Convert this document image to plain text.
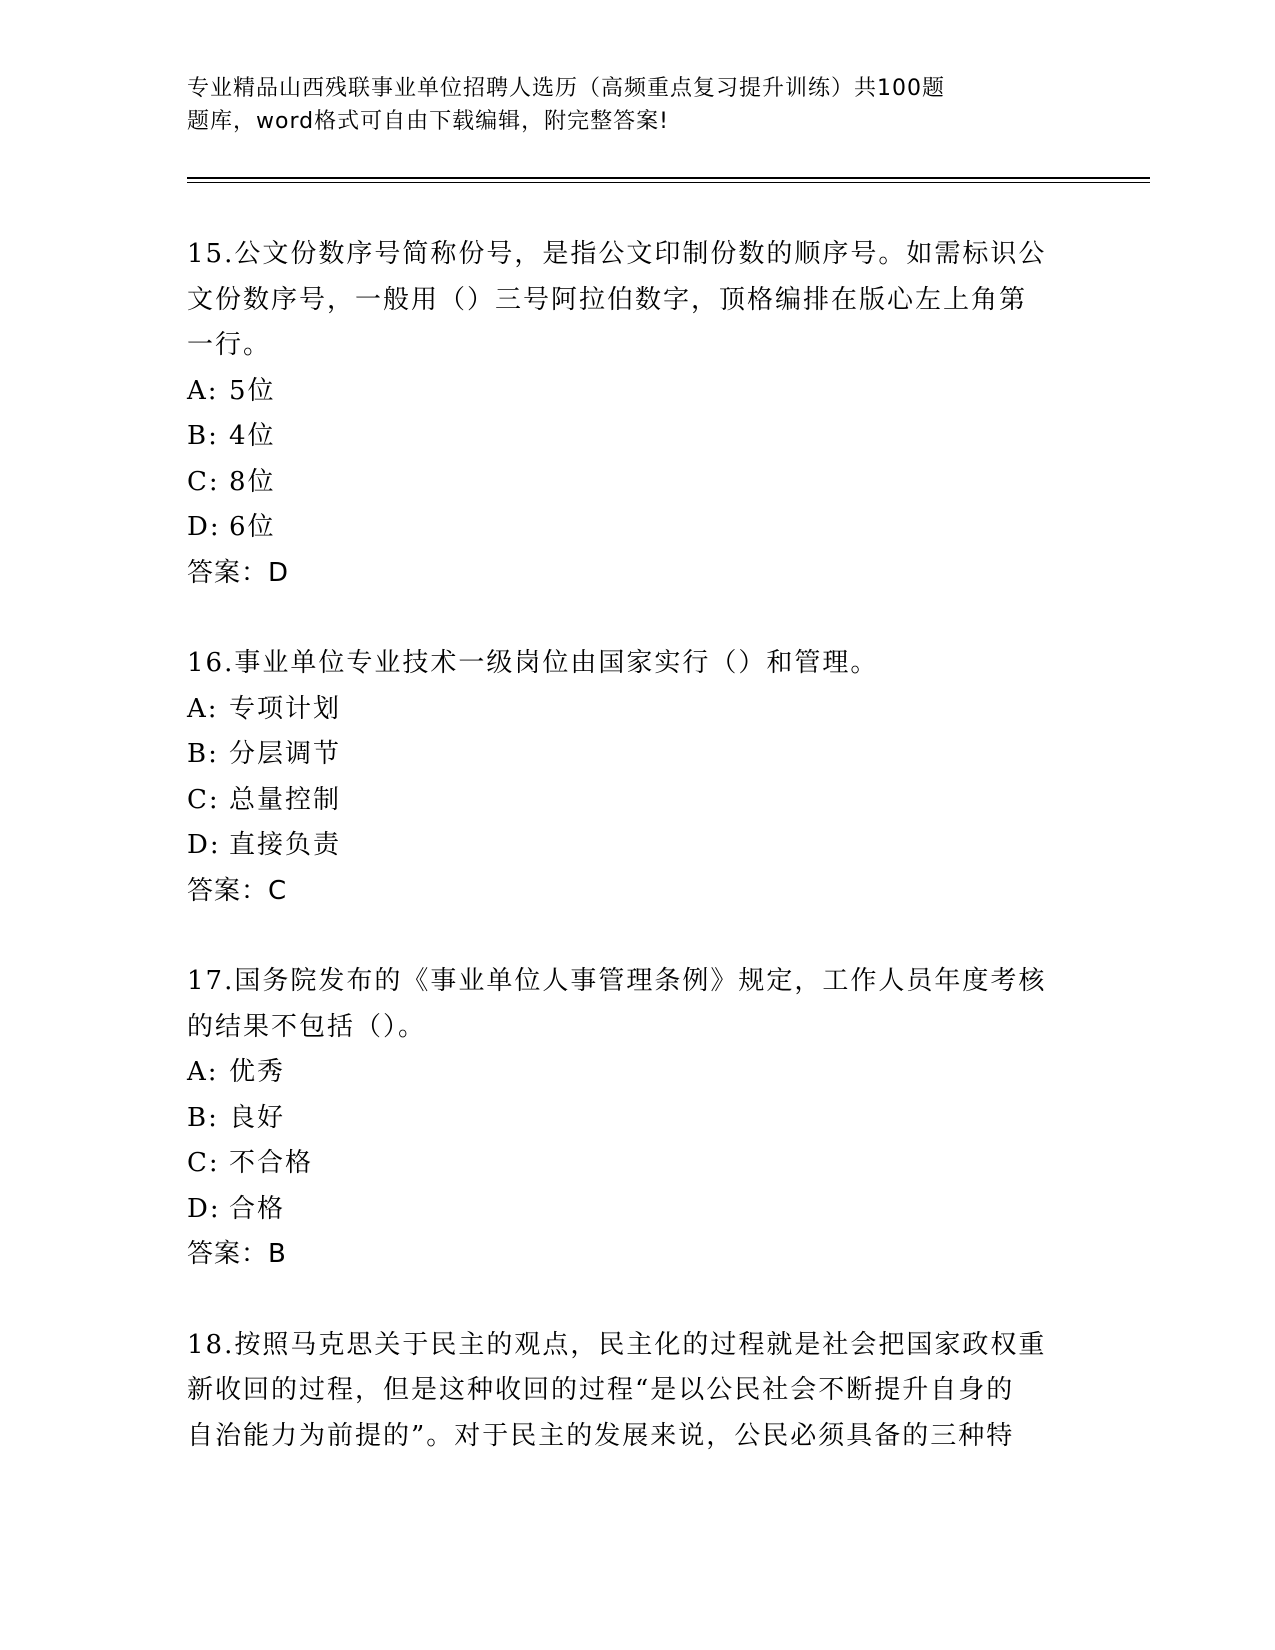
专业精品山西残联事业单位招聘人选历（高频重点复习提升训练）共100题
题库，word格式可自由下载编辑，附完整答案!
15.公文份数序号简称份号，是指公文印制份数的顺序号。如需标识公
文份数序号，一般用（）三号阿拉伯数字，顶格编排在版心左上角第
一行。
A: 5位
B: 4位
C: 8位
D: 6位
答案：D
16.事业单位专业技术一级岗位由国家实行（）和管理。
A: 专项计划
B: 分层调节
C: 总量控制
D: 直接负责
答案：C
17.国务院发布的《事业单位人事管理条例》规定，工作人员年度考核
的结果不包括（）。
A: 优秀
B: 良好
C: 不合格
D: 合格
答案：B
18.按照马克思关于民主的观点，民主化的过程就是社会把国家政权重
新收回的过程，但是这种收回的过程“是以公民社会不断提升自身的
自治能力为前提的”。对于民主的发展来说，公民必须具备的三种特
